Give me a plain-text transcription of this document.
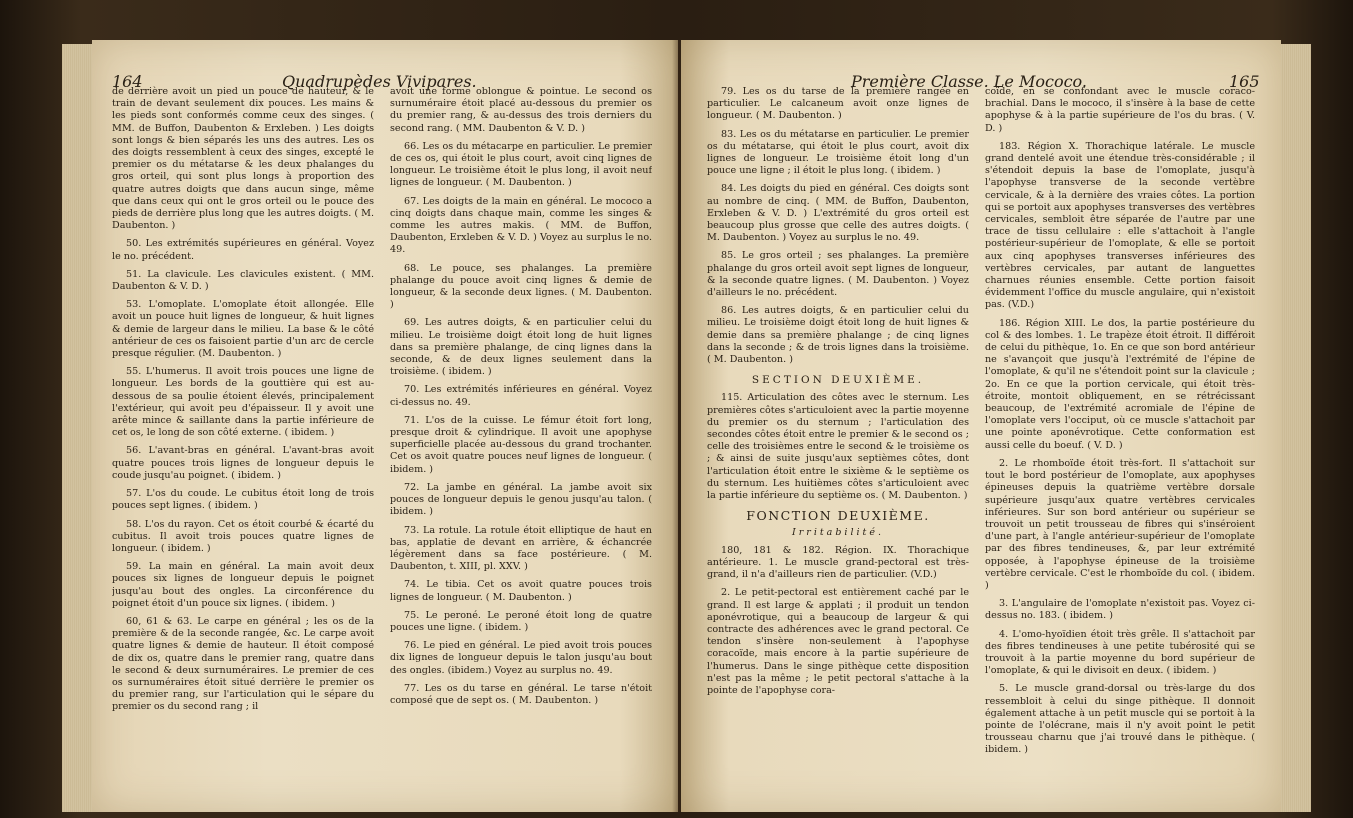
164	Quadrupèdes Vivipares.

de derrière avoit un pied un pouce de hauteur, & le train de devant seulement dix pouces. Les mains & les pieds sont conformés comme ceux des singes. ( MM. de Buffon, Daubenton & Erxleben. ) Les doigts sont longs & bien séparés les uns des autres. Les os des doigts ressemblent à ceux des singes, excepté le premier os du métatarse & les deux phalanges du gros orteil, qui sont plus longs à proportion des quatre autres doigts que dans aucun singe, même que dans ceux qui ont le gros orteil ou le pouce des pieds de derrière plus long que les autres doigts. ( M. Daubenton. )

50. Les extrémités supérieures en général. Voyez le no. précédent.

51. La clavicule. Les clavicules existent. ( MM. Daubenton & V. D. )

53. L'omoplate. L'omoplate étoit allongée. Elle avoit un pouce huit lignes de longueur, & huit lignes & demie de largeur dans le milieu. La base & le côté antérieur de ces os faisoient partie d'un arc de cercle presque régulier. (M. Daubenton. )

55. L'humerus. Il avoit trois pouces une ligne de longueur. Les bords de la gouttière qui est au-dessous de sa poulie étoient élevés, principalement l'extérieur, qui avoit peu d'épaisseur. Il y avoit une arête mince & saillante dans la partie inférieure de cet os, le long de son côté externe. ( ibidem. )

56. L'avant-bras en général. L'avant-bras avoit quatre pouces trois lignes de longueur depuis le coude jusqu'au poignet. ( ibidem. )

57. L'os du coude. Le cubitus étoit long de trois pouces sept lignes. ( ibidem. )

58. L'os du rayon. Cet os étoit courbé & écarté du cubitus. Il avoit trois pouces quatre lignes de longueur. ( ibidem. )

59. La main en général. La main avoit deux pouces six lignes de longueur depuis le poignet jusqu'au bout des ongles. La circonférence du poignet étoit d'un pouce six lignes. ( ibidem. )

60, 61 & 63. Le carpe en général ; les os de la première & de la seconde rangée, &c. Le carpe avoit quatre lignes & demie de hauteur. Il étoit composé de dix os, quatre dans le premier rang, quatre dans le second & deux surnuméraires. Le premier de ces os surnuméraires étoit situé derrière le premier os du premier rang, sur l'articulation qui le sépare du premier os du second rang ; il

avoit une forme oblongue & pointue. Le second os surnuméraire étoit placé au-dessous du premier os du premier rang, & au-dessus des trois derniers du second rang. ( MM. Daubenton & V. D. )

66. Les os du métacarpe en particulier. Le premier de ces os, qui étoit le plus court, avoit cinq lignes de longueur. Le troisième étoit le plus long, il avoit neuf lignes de longueur. ( M. Daubenton. )

67. Les doigts de la main en général. Le mococo a cinq doigts dans chaque main, comme les singes & comme les autres makis. ( MM. de Buffon, Daubenton, Erxleben & V. D. ) Voyez au surplus le no. 49.

68. Le pouce, ses phalanges. La première phalange du pouce avoit cinq lignes & demie de longueur, & la seconde deux lignes. ( M. Daubenton. )

69. Les autres doigts, & en particulier celui du milieu. Le troisième doigt étoit long de huit lignes dans sa première phalange, de cinq lignes dans la seconde, & de deux lignes seulement dans la troisième. ( ibidem. )

70. Les extrémités inférieures en général. Voyez ci-dessus no. 49.

71. L'os de la cuisse. Le fémur étoit fort long, presque droit & cylindrique. Il avoit une apophyse superficielle placée au-dessous du grand trochanter. Cet os avoit quatre pouces neuf lignes de longueur. ( ibidem. )

72. La jambe en général. La jambe avoit six pouces de longueur depuis le genou jusqu'au talon. ( ibidem. )

73. La rotule. La rotule étoit elliptique de haut en bas, applatie de devant en arrière, & échancrée légèrement dans sa face postérieure. ( M. Daubenton, t. XIII, pl. XXV. )

74. Le tibia. Cet os avoit quatre pouces trois lignes de longueur. ( M. Daubenton. )

75. Le peroné. Le peroné étoit long de quatre pouces une ligne. ( ibidem. )

76. Le pied en général. Le pied avoit trois pouces dix lignes de longueur depuis le talon jusqu'au bout des ongles. (ibidem.) Voyez au surplus no. 49.

77. Les os du tarse en général. Le tarse n'étoit composé que de sept os. ( M. Daubenton. )

Première Classe. Le Mococo.	165

79. Les os du tarse de la première rangée en particulier. Le calcaneum avoit onze lignes de longueur. ( M. Daubenton. )

83. Les os du métatarse en particulier. Le premier os du métatarse, qui étoit le plus court, avoit dix lignes de longueur. Le troisième étoit long d'un pouce une ligne ; il étoit le plus long. ( ibidem. )

84. Les doigts du pied en général. Ces doigts sont au nombre de cinq. ( MM. de Buffon, Daubenton, Erxleben & V. D. ) L'extrémité du gros orteil est beaucoup plus grosse que celle des autres doigts. ( M. Daubenton. ) Voyez au surplus le no. 49.

85. Le gros orteil ; ses phalanges. La première phalange du gros orteil avoit sept lignes de longueur, & la seconde quatre lignes. ( M. Daubenton. ) Voyez d'ailleurs le no. précédent.

86. Les autres doigts, & en particulier celui du milieu. Le troisième doigt étoit long de huit lignes & demie dans sa première phalange ; de cinq lignes dans la seconde ; & de trois lignes dans la troisième. ( M. Daubenton. )

SECTION DEUXIÈME.

115. Articulation des côtes avec le sternum. Les premières côtes s'articuloient avec la partie moyenne du premier os du sternum ; l'articulation des secondes côtes étoit entre le premier & le second os ; celle des troisièmes entre le second & le troisième os ; & ainsi de suite jusqu'aux septièmes côtes, dont l'articulation étoit entre le sixième & le septième os du sternum. Les huitièmes côtes s'articuloient avec la partie inférieure du septième os. ( M. Daubenton. )

FONCTION DEUXIÈME.

Irritabilité.

180, 181 & 182. Région. IX. Thorachique antérieure. 1. Le muscle grand-pectoral est très-grand, il n'a d'ailleurs rien de particulier. (V.D.)

2. Le petit-pectoral est entièrement caché par le grand. Il est large & applati ; il produit un tendon aponévrotique, qui a beaucoup de largeur & qui contracte des adhérences avec le grand pectoral. Ce tendon s'insère non-seulement à l'apophyse coracoïde, mais encore à la partie supérieure de l'humerus. Dans le singe pithèque cette disposition n'est pas la même ; le petit pectoral s'attache à la pointe de l'apophyse cora-

coïde, en se confondant avec le muscle coraco-brachial. Dans le mococo, il s'insère à la base de cette apophyse & à la partie supérieure de l'os du bras. ( V. D. )

183. Région X. Thorachique latérale. Le muscle grand dentelé avoit une étendue très-considérable ; il s'étendoit depuis la base de l'omoplate, jusqu'à l'apophyse transverse de la seconde vertèbre cervicale, & à la dernière des vraies côtes. La portion qui se portoit aux apophyses transverses des vertèbres cervicales, sembloit être séparée de l'autre par une trace de tissu cellulaire : elle s'attachoit à l'angle postérieur-supérieur de l'omoplate, & elle se portoit aux cinq apophyses transverses inférieures des vertèbres cervicales, par autant de languettes charnues réunies ensemble. Cette portion faisoit évidemment l'office du muscle angulaire, qui n'existoit pas. (V.D.)

186. Région XIII. Le dos, la partie postérieure du col & des lombes. 1. Le trapèze étoit étroit. Il différoit de celui du pithèque, 1o. En ce que son bord antérieur ne s'avançoit que jusqu'à l'extrémité de l'épine de l'omoplate, & qu'il ne s'étendoit point sur la clavicule ; 2o. En ce que la portion cervicale, qui étoit très-étroite, montoit obliquement, en se rétrécissant beaucoup, de l'extrémité acromiale de l'épine de l'omoplate vers l'occiput, où ce muscle s'attachoit par une pointe aponévrotique. Cette conformation est aussi celle du boeuf. ( V. D. )

2. Le rhomboïde étoit très-fort. Il s'attachoit sur tout le bord postérieur de l'omoplate, aux apophyses épineuses depuis la quatrième vertèbre dorsale supérieure jusqu'aux quatre vertèbres cervicales inférieures. Sur son bord antérieur ou supérieur se trouvoit un petit trousseau de fibres qui s'inséroient d'une part, à l'angle antérieur-supérieur de l'omoplate par des fibres tendineuses, &, par leur extrémité opposée, à l'apophyse épineuse de la troisième vertèbre cervicale. C'est le rhomboïde du col. ( ibidem. )

3. L'angulaire de l'omoplate n'existoit pas. Voyez ci-dessus no. 183. ( ibidem. )

4. L'omo-hyoïdien étoit très grêle. Il s'attachoit par des fibres tendineuses à une petite tubérosité qui se trouvoit à la partie moyenne du bord supérieur de l'omoplate, & qui le divisoit en deux. ( ibidem. )

5. Le muscle grand-dorsal ou très-large du dos ressembloit à celui du singe pithèque. Il donnoit également attache à un petit muscle qui se portoit à la pointe de l'olécrane, mais il n'y avoit point le petit trousseau charnu que j'ai trouvé dans le pithèque. ( ibidem. )
